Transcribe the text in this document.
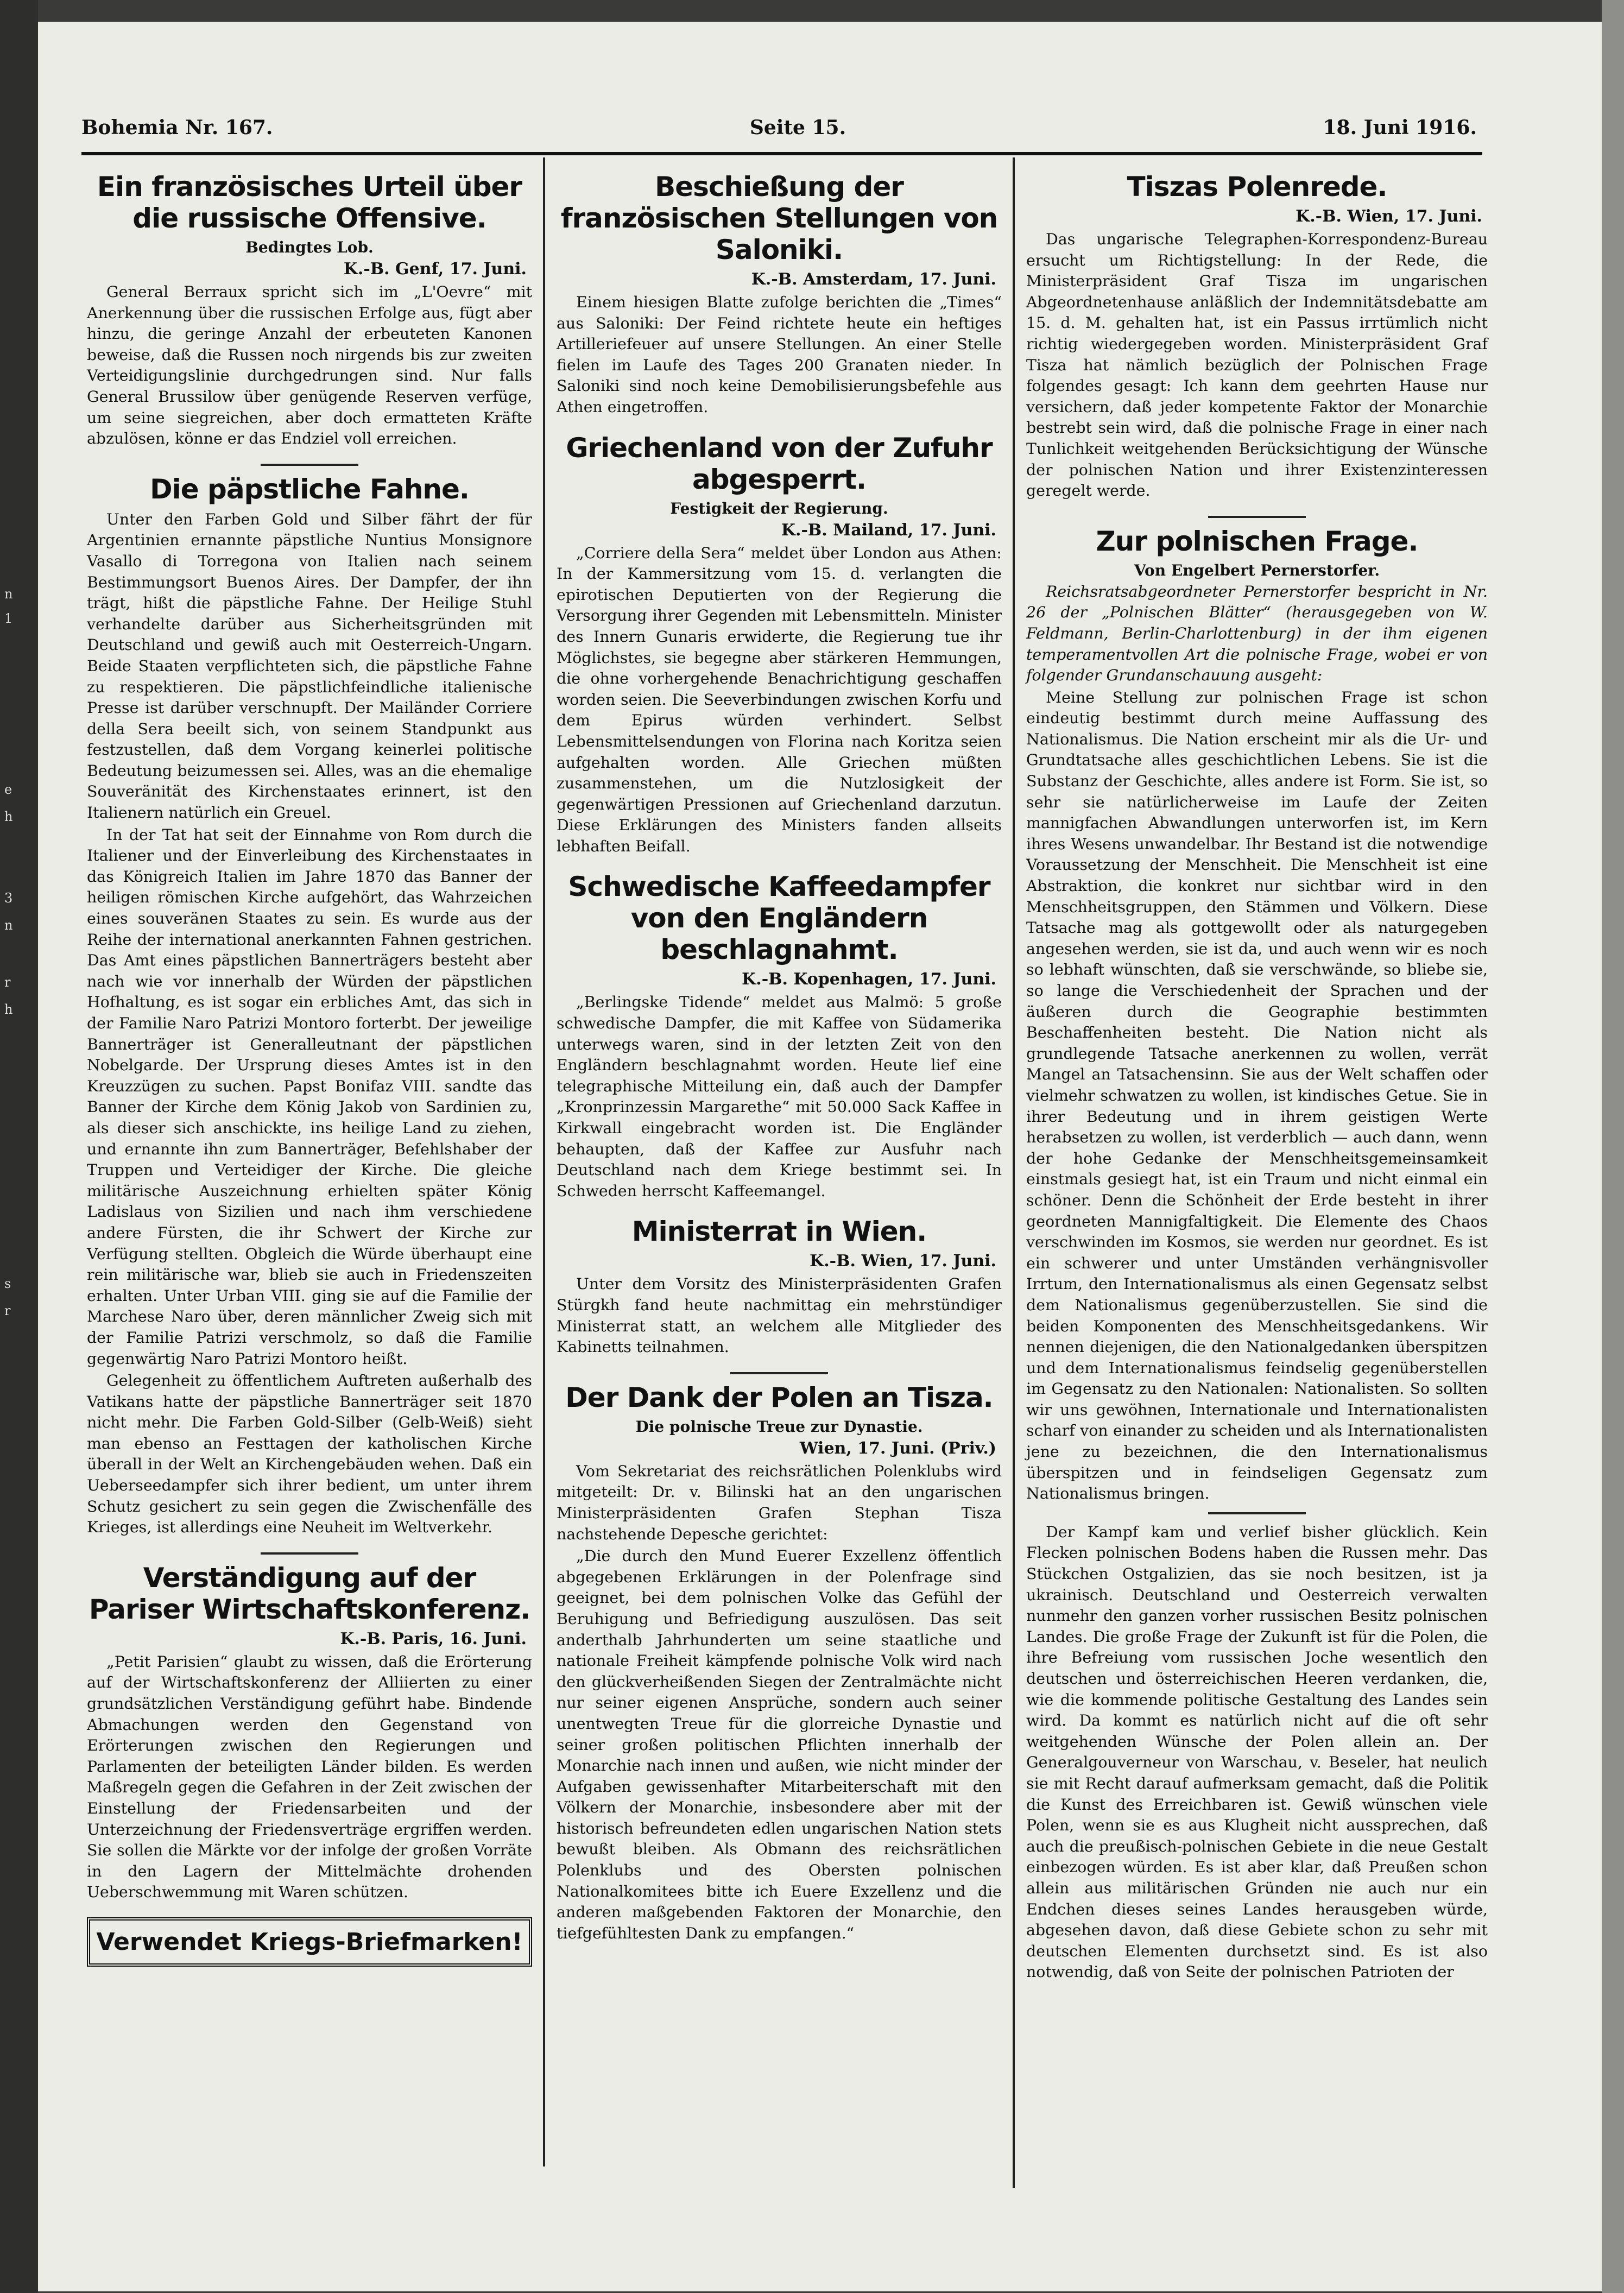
n
1
e
h
3
n
r
h
s
r
Bohemia Nr. 167.	Seite 15.	18. Juni 1916.
Ein französisches Urteil über die russische Offensive.
Bedingtes Lob.
K.-B. Genf, 17. Juni.

General Berraux spricht sich im „L'Oevre“ mit Anerkennung über die russischen Erfolge aus, fügt aber hinzu, die geringe Anzahl der erbeuteten Kanonen beweise, daß die Russen noch nirgends bis zur zweiten Verteidigungslinie durchgedrungen sind. Nur falls General Brussilow über genügende Reserven verfüge, um seine siegreichen, aber doch ermatteten Kräfte abzulösen, könne er das Endziel voll erreichen.

Die päpstliche Fahne.

Unter den Farben Gold und Silber fährt der für Argentinien ernannte päpstliche Nuntius Monsignore Vasallo di Torregona von Italien nach seinem Bestimmungsort Buenos Aires. Der Dampfer, der ihn trägt, hißt die päpstliche Fahne. Der Heilige Stuhl verhandelte darüber aus Sicherheitsgründen mit Deutschland und gewiß auch mit Oesterreich-Ungarn. Beide Staaten verpflichteten sich, die päpstliche Fahne zu respektieren. Die päpstlichfeindliche italienische Presse ist darüber verschnupft. Der Mailänder Corriere della Sera beeilt sich, von seinem Standpunkt aus festzustellen, daß dem Vorgang keinerlei politische Bedeutung beizumessen sei. Alles, was an die ehemalige Souveränität des Kirchenstaates erinnert, ist den Italienern natürlich ein Greuel.

In der Tat hat seit der Einnahme von Rom durch die Italiener und der Einverleibung des Kirchenstaates in das Königreich Italien im Jahre 1870 das Banner der heiligen römischen Kirche aufgehört, das Wahrzeichen eines souveränen Staates zu sein. Es wurde aus der Reihe der international anerkannten Fahnen gestrichen. Das Amt eines päpstlichen Bannerträgers besteht aber nach wie vor innerhalb der Würden der päpstlichen Hofhaltung, es ist sogar ein erbliches Amt, das sich in der Familie Naro Patrizi Montoro forterbt. Der jeweilige Bannerträger ist Generalleutnant der päpstlichen Nobelgarde. Der Ursprung dieses Amtes ist in den Kreuzzügen zu suchen. Papst Bonifaz VIII. sandte das Banner der Kirche dem König Jakob von Sardinien zu, als dieser sich anschickte, ins heilige Land zu ziehen, und ernannte ihn zum Bannerträger, Befehlshaber der Truppen und Verteidiger der Kirche. Die gleiche militärische Auszeichnung erhielten später König Ladislaus von Sizilien und nach ihm verschiedene andere Fürsten, die ihr Schwert der Kirche zur Verfügung stellten. Obgleich die Würde überhaupt eine rein militärische war, blieb sie auch in Friedenszeiten erhalten. Unter Urban VIII. ging sie auf die Familie der Marchese Naro über, deren männlicher Zweig sich mit der Familie Patrizi verschmolz, so daß die Familie gegenwärtig Naro Patrizi Montoro heißt.

Gelegenheit zu öffentlichem Auftreten außerhalb des Vatikans hatte der päpstliche Bannerträger seit 1870 nicht mehr. Die Farben Gold-Silber (Gelb-Weiß) sieht man ebenso an Festtagen der katholischen Kirche überall in der Welt an Kirchengebäuden wehen. Daß ein Ueberseedampfer sich ihrer bedient, um unter ihrem Schutz gesichert zu sein gegen die Zwischenfälle des Krieges, ist allerdings eine Neuheit im Weltverkehr.

Verständigung auf der Pariser Wirtschaftskonferenz.
K.-B. Paris, 16. Juni.

„Petit Parisien“ glaubt zu wissen, daß die Erörterung auf der Wirtschaftskonferenz der Alliierten zu einer grundsätzlichen Verständigung geführt habe. Bindende Abmachungen werden den Gegenstand von Erörterungen zwischen den Regierungen und Parlamenten der beteiligten Länder bilden. Es werden Maßregeln gegen die Gefahren in der Zeit zwischen der Einstellung der Friedensarbeiten und der Unterzeichnung der Friedensverträge ergriffen werden. Sie sollen die Märkte vor der infolge der großen Vorräte in den Lagern der Mittelmächte drohenden Ueberschwemmung mit Waren schützen.

Verwendet Kriegs-Briefmarken!
Beschießung der französischen Stellungen von Saloniki.
K.-B. Amsterdam, 17. Juni.

Einem hiesigen Blatte zufolge berichten die „Times“ aus Saloniki: Der Feind richtete heute ein heftiges Artilleriefeuer auf unsere Stellungen. An einer Stelle fielen im Laufe des Tages 200 Granaten nieder. In Saloniki sind noch keine Demobilisierungsbefehle aus Athen eingetroffen.

Griechenland von der Zufuhr abgesperrt.
Festigkeit der Regierung.
K.-B. Mailand, 17. Juni.

„Corriere della Sera“ meldet über London aus Athen: In der Kammersitzung vom 15. d. verlangten die epirotischen Deputierten von der Regierung die Versorgung ihrer Gegenden mit Lebensmitteln. Minister des Innern Gunaris erwiderte, die Regierung tue ihr Möglichstes, sie begegne aber stärkeren Hemmungen, die ohne vorhergehende Benachrichtigung geschaffen worden seien. Die Seeverbindungen zwischen Korfu und dem Epirus würden verhindert. Selbst Lebensmittelsendungen von Florina nach Koritza seien aufgehalten worden. Alle Griechen müßten zusammenstehen, um die Nutzlosigkeit der gegenwärtigen Pressionen auf Griechenland darzutun. Diese Erklärungen des Ministers fanden allseits lebhaften Beifall.

Schwedische Kaffeedampfer von den Engländern beschlagnahmt.
K.-B. Kopenhagen, 17. Juni.

„Berlingske Tidende“ meldet aus Malmö: 5 große schwedische Dampfer, die mit Kaffee von Südamerika unterwegs waren, sind in der letzten Zeit von den Engländern beschlagnahmt worden. Heute lief eine telegraphische Mitteilung ein, daß auch der Dampfer „Kronprinzessin Margarethe“ mit 50.000 Sack Kaffee in Kirkwall eingebracht worden ist. Die Engländer behaupten, daß der Kaffee zur Ausfuhr nach Deutschland nach dem Kriege bestimmt sei. In Schweden herrscht Kaffeemangel.

Ministerrat in Wien.
K.-B. Wien, 17. Juni.

Unter dem Vorsitz des Ministerpräsidenten Grafen Stürgkh fand heute nachmittag ein mehrstündiger Ministerrat statt, an welchem alle Mitglieder des Kabinetts teilnahmen.

Der Dank der Polen an Tisza.
Die polnische Treue zur Dynastie.
Wien, 17. Juni. (Priv.)

Vom Sekretariat des reichsrätlichen Polenklubs wird mitgeteilt: Dr. v. Bilinski hat an den ungarischen Ministerpräsidenten Grafen Stephan Tisza nachstehende Depesche gerichtet:

„Die durch den Mund Euerer Exzellenz öffentlich abgegebenen Erklärungen in der Polenfrage sind geeignet, bei dem polnischen Volke das Gefühl der Beruhigung und Befriedigung auszulösen. Das seit anderthalb Jahrhunderten um seine staatliche und nationale Freiheit kämpfende polnische Volk wird nach den glückverheißenden Siegen der Zentralmächte nicht nur seiner eigenen Ansprüche, sondern auch seiner unentwegten Treue für die glorreiche Dynastie und seiner großen politischen Pflichten innerhalb der Monarchie nach innen und außen, wie nicht minder der Aufgaben gewissenhafter Mitarbeiterschaft mit den Völkern der Monarchie, insbesondere aber mit der historisch befreundeten edlen ungarischen Nation stets bewußt bleiben. Als Obmann des reichsrätlichen Polenklubs und des Obersten polnischen Nationalkomitees bitte ich Euere Exzellenz und die anderen maßgebenden Faktoren der Monarchie, den tiefgefühltesten Dank zu empfangen.“

Tiszas Polenrede.
K.-B. Wien, 17. Juni.

Das ungarische Telegraphen-Korrespondenz-Bureau ersucht um Richtigstellung: In der Rede, die Ministerpräsident Graf Tisza im ungarischen Abgeordnetenhause anläßlich der Indemnitätsdebatte am 15. d. M. gehalten hat, ist ein Passus irrtümlich nicht richtig wiedergegeben worden. Ministerpräsident Graf Tisza hat nämlich bezüglich der Polnischen Frage folgendes gesagt: Ich kann dem geehrten Hause nur versichern, daß jeder kompetente Faktor der Monarchie bestrebt sein wird, daß die polnische Frage in einer nach Tunlichkeit weitgehenden Berücksichtigung der Wünsche der polnischen Nation und ihrer Existenzinteressen geregelt werde.

Zur polnischen Frage.
Von Engelbert Pernerstorfer.

Reichsratsabgeordneter Pernerstorfer bespricht in Nr. 26 der „Polnischen Blätter“ (herausgegeben von W. Feldmann, Berlin-Charlottenburg) in der ihm eigenen temperamentvollen Art die polnische Frage, wobei er von folgender Grundanschauung ausgeht:

Meine Stellung zur polnischen Frage ist schon eindeutig bestimmt durch meine Auffassung des Nationalismus. Die Nation erscheint mir als die Ur- und Grundtatsache alles geschichtlichen Lebens. Sie ist die Substanz der Geschichte, alles andere ist Form. Sie ist, so sehr sie natürlicherweise im Laufe der Zeiten mannigfachen Abwandlungen unterworfen ist, im Kern ihres Wesens unwandelbar. Ihr Bestand ist die notwendige Voraussetzung der Menschheit. Die Menschheit ist eine Abstraktion, die konkret nur sichtbar wird in den Menschheitsgruppen, den Stämmen und Völkern. Diese Tatsache mag als gottgewollt oder als naturgegeben angesehen werden, sie ist da, und auch wenn wir es noch so lebhaft wünschten, daß sie verschwände, so bliebe sie, so lange die Verschiedenheit der Sprachen und der äußeren durch die Geographie bestimmten Beschaffenheiten besteht. Die Nation nicht als grundlegende Tatsache anerkennen zu wollen, verrät Mangel an Tatsachensinn. Sie aus der Welt schaffen oder vielmehr schwatzen zu wollen, ist kindisches Getue. Sie in ihrer Bedeutung und in ihrem geistigen Werte herabsetzen zu wollen, ist verderblich — auch dann, wenn der hohe Gedanke der Menschheitsgemeinsamkeit einstmals gesiegt hat, ist ein Traum und nicht einmal ein schöner. Denn die Schönheit der Erde besteht in ihrer geordneten Mannigfaltigkeit. Die Elemente des Chaos verschwinden im Kosmos, sie werden nur geordnet. Es ist ein schwerer und unter Umständen verhängnisvoller Irrtum, den Internationalismus als einen Gegensatz selbst dem Nationalismus gegenüberzustellen. Sie sind die beiden Komponenten des Menschheitsgedankens. Wir nennen diejenigen, die den Nationalgedanken überspitzen und dem Internationalismus feindselig gegenüberstellen im Gegensatz zu den Nationalen: Nationalisten. So sollten wir uns gewöhnen, Internationale und Internationalisten scharf von einander zu scheiden und als Internationalisten jene zu bezeichnen, die den Internationalismus überspitzen und in feindseligen Gegensatz zum Nationalismus bringen.

Der Kampf kam und verlief bisher glücklich. Kein Flecken polnischen Bodens haben die Russen mehr. Das Stückchen Ostgalizien, das sie noch besitzen, ist ja ukrainisch. Deutschland und Oesterreich verwalten nunmehr den ganzen vorher russischen Besitz polnischen Landes. Die große Frage der Zukunft ist für die Polen, die ihre Befreiung vom russischen Joche wesentlich den deutschen und österreichischen Heeren verdanken, die, wie die kommende politische Gestaltung des Landes sein wird. Da kommt es natürlich nicht auf die oft sehr weitgehenden Wünsche der Polen allein an. Der Generalgouverneur von Warschau, v. Beseler, hat neulich sie mit Recht darauf aufmerksam gemacht, daß die Politik die Kunst des Erreichbaren ist. Gewiß wünschen viele Polen, wenn sie es aus Klugheit nicht aussprechen, daß auch die preußisch-polnischen Gebiete in die neue Gestalt einbezogen würden. Es ist aber klar, daß Preußen schon allein aus militärischen Gründen nie auch nur ein Endchen dieses seines Landes herausgeben würde, abgesehen davon, daß diese Gebiete schon zu sehr mit deutschen Elementen durchsetzt sind. Es ist also notwendig, daß von Seite der polnischen Patrioten der
